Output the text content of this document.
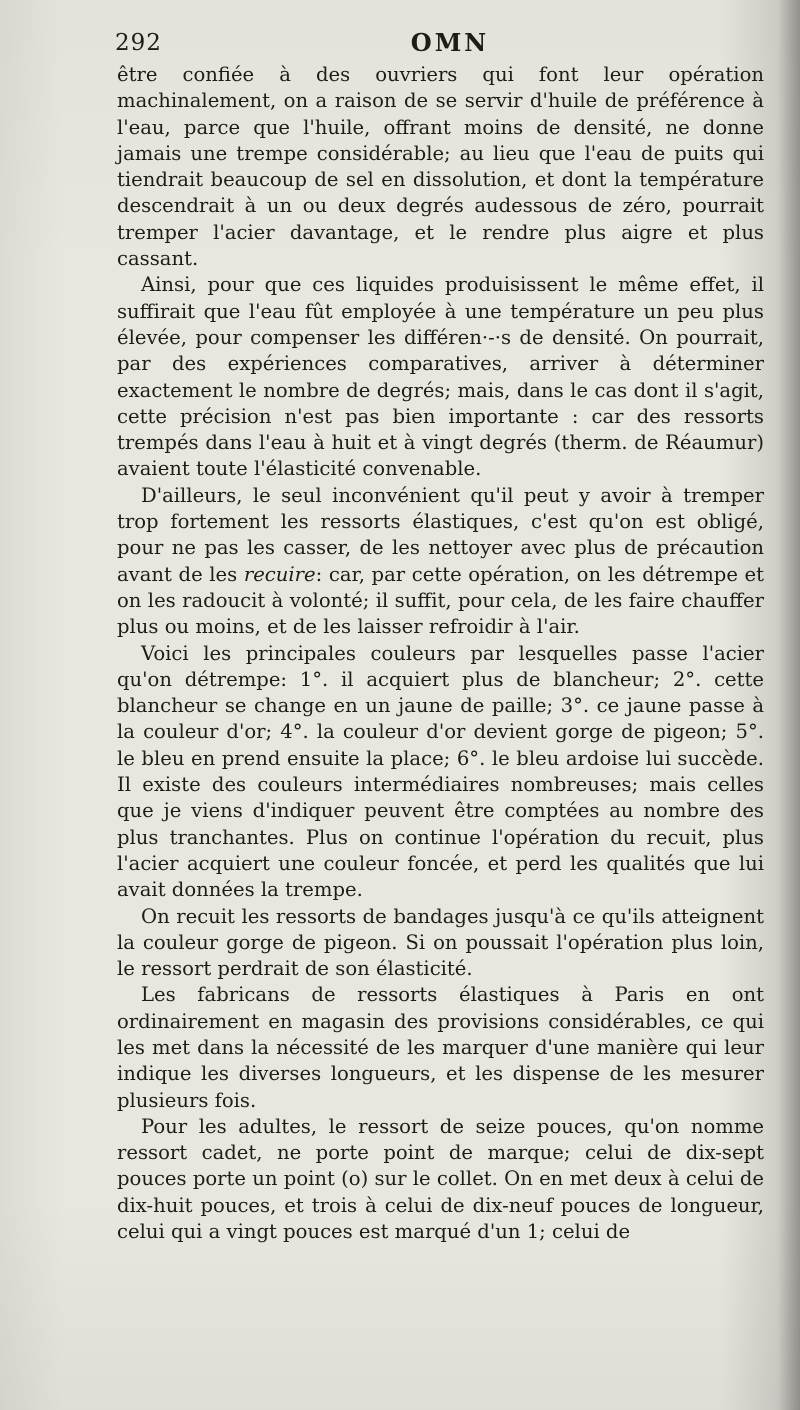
292	OMN

être confiée à des ouvriers qui font leur opération machinalement, on a raison de se servir d'huile de préférence à l'eau, parce que l'huile, offrant moins de densité, ne donne jamais une trempe considérable; au lieu que l'eau de puits qui tiendrait beaucoup de sel en dissolution, et dont la température descendrait à un ou deux degrés audessous de zéro, pourrait tremper l'acier davantage, et le rendre plus aigre et plus cassant.

Ainsi, pour que ces liquides produisissent le même effet, il suffirait que l'eau fût employée à une température un peu plus élevée, pour compenser les différen·-·s de densité. On pourrait, par des expériences comparatives, arriver à déterminer exactement le nombre de degrés; mais, dans le cas dont il s'agit, cette précision n'est pas bien importante : car des ressorts trempés dans l'eau à huit et à vingt degrés (therm. de Réaumur) avaient toute l'élasticité convenable.

D'ailleurs, le seul inconvénient qu'il peut y avoir à tremper trop fortement les ressorts élastiques, c'est qu'on est obligé, pour ne pas les casser, de les nettoyer avec plus de précaution avant de les recuire: car, par cette opération, on les détrempe et on les radoucit à volonté; il suffit, pour cela, de les faire chauffer plus ou moins, et de les laisser refroidir à l'air.

Voici les principales couleurs par lesquelles passe l'acier qu'on détrempe: 1°. il acquiert plus de blancheur; 2°. cette blancheur se change en un jaune de paille; 3°. ce jaune passe à la couleur d'or; 4°. la couleur d'or devient gorge de pigeon; 5°. le bleu en prend ensuite la place; 6°. le bleu ardoise lui succède. Il existe des couleurs intermédiaires nombreuses; mais celles que je viens d'indiquer peuvent être comptées au nombre des plus tranchantes. Plus on continue l'opération du recuit, plus l'acier acquiert une couleur foncée, et perd les qualités que lui avait données la trempe.

On recuit les ressorts de bandages jusqu'à ce qu'ils atteignent la couleur gorge de pigeon. Si on poussait l'opération plus loin, le ressort perdrait de son élasticité.

Les fabricans de ressorts élastiques à Paris en ont ordinairement en magasin des provisions considérables, ce qui les met dans la nécessité de les marquer d'une manière qui leur indique les diverses longueurs, et les dispense de les mesurer plusieurs fois.

Pour les adultes, le ressort de seize pouces, qu'on nomme ressort cadet, ne porte point de marque; celui de dix-sept pouces porte un point (o) sur le collet. On en met deux à celui de dix-huit pouces, et trois à celui de dix-neuf pouces de longueur, celui qui a vingt pouces est marqué d'un 1; celui de
